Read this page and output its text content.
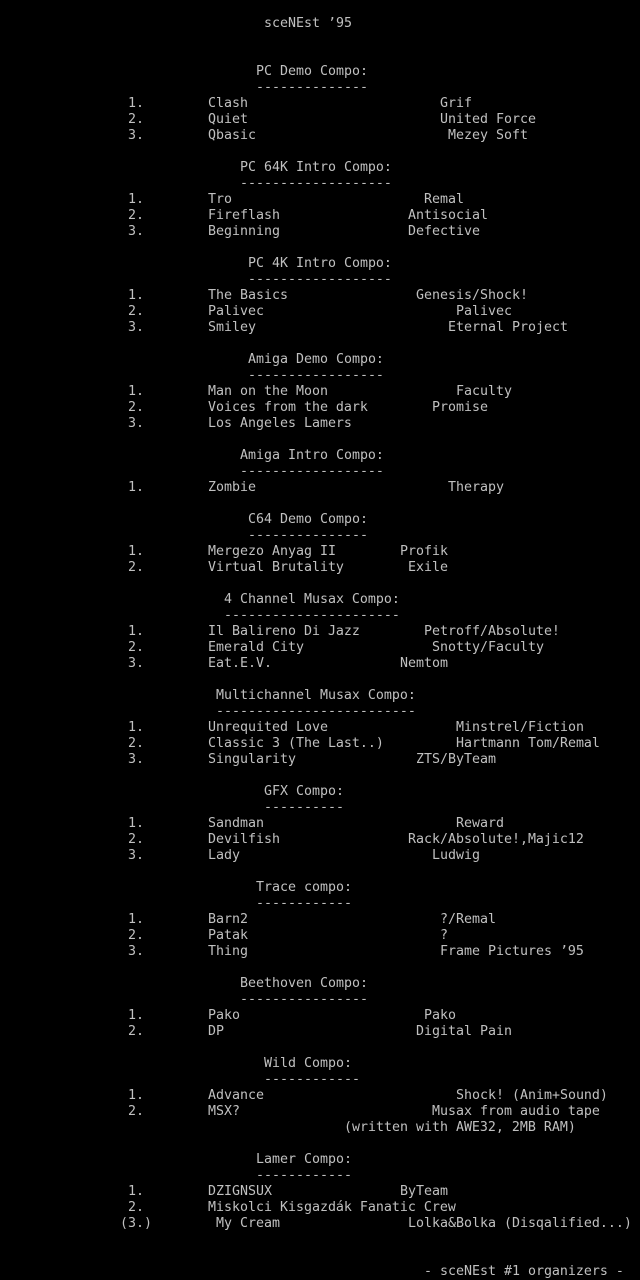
sceNEst ’95
- sceNEst #1 organizers -
PC Demo Compo:
--------------
1.	Clash	Grif
2.	Quiet	United Force
3.	Qbasic	Mezey Soft
PC 64K Intro Compo:
-------------------
1.	Tro	Remal
2.	Fireflash	Antisocial
3.	Beginning	Defective
PC 4K Intro Compo:
------------------
1.	The Basics	Genesis/Shock!
2.	Palivec	Palivec
3.	Smiley	Eternal Project
Amiga Demo Compo:
-----------------
1.	Man on the Moon	Faculty
2.	Voices from the dark	Promise
3.	Los Angeles Lamers
Amiga Intro Compo:
------------------
1.	Zombie	Therapy
C64 Demo Compo:
---------------
1.	Mergezo Anyag II	Profik
2.	Virtual Brutality	Exile
4 Channel Musax Compo:
----------------------
1.	Il Balireno Di Jazz	Petroff/Absolute!
2.	Emerald City	Snotty/Faculty
3.	Eat.E.V.	Nemtom
Multichannel Musax Compo:
-------------------------
1.	Unrequited Love	Minstrel/Fiction
2.	Classic 3 (The Last..)	Hartmann Tom/Remal
3.	Singularity	ZTS/ByTeam
GFX Compo:
----------
1.	Sandman	Reward
2.	Devilfish	Rack/Absolute!,Majic12
3.	Lady	Ludwig
Trace compo:
------------
1.	Barn2	?/Remal
2.	Patak	?
3.	Thing	Frame Pictures ’95
Beethoven Compo:
----------------
1.	Pako	Pako
2.	DP	Digital Pain
Wild Compo:
------------
1.	Advance	Shock! (Anim+Sound)
2.	MSX?	Musax from audio tape
(written with AWE32, 2MB RAM)
Lamer Compo:
------------
1.	DZIGNSUX	ByTeam
2.	Miskolci Kisgazdák Fanatic Crew
(3.)	My Cream	Lolka&Bolka (Disqalified...)
